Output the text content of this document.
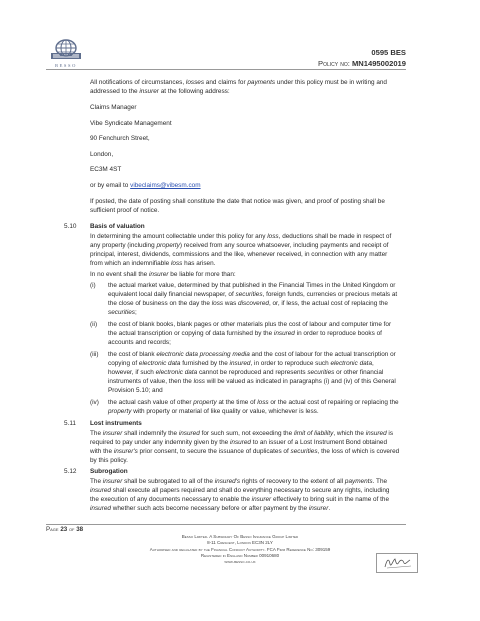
BESSO
0595 BES
Policy no: MN1495002019

All notifications of circumstances, losses and claims for payments under this policy must be in writing and addressed to the insurer at the following address:

Claims Manager

Vibe Syndicate Management

90 Fenchurch Street,

London,

EC3M 4ST

or by email to vibeclaims@vibesm.com

If posted, the date of posting shall constitute the date that notice was given, and proof of posting shall be sufficient proof of notice.

5.10	Basis of valuation

In determining the amount collectable under this policy for any loss, deductions shall be made in respect of any property (including property) received from any source whatsoever, including payments and receipt of principal, interest, dividends, commissions and the like, whenever received, in connection with any matter from which an indemnifiable loss has arisen.

In no event shall the insurer be liable for more than:

(i)	the actual market value, determined by that published in the Financial Times in the United Kingdom or equivalent local daily financial newspaper, of securities, foreign funds, currencies or precious metals at the close of business on the day the loss was discovered, or, if less, the actual cost of replacing the securities;
(ii)	the cost of blank books, blank pages or other materials plus the cost of labour and computer time for the actual transcription or copying of data furnished by the insured in order to reproduce books of accounts and records;
(iii)	the cost of blank electronic data processing media and the cost of labour for the actual transcription or copying of electronic data furnished by the insured, in order to reproduce such electronic data, however, if such electronic data cannot be reproduced and represents securities or other financial instruments of value, then the loss will be valued as indicated in paragraphs (i) and (iv) of this General Provision 5.10; and
(iv)	the actual cash value of other property at the time of loss or the actual cost of repairing or replacing the property with property or material of like quality or value, whichever is less.
5.11	Lost instruments

The insurer shall indemnify the insured for such sum, not exceeding the limit of liability, which the insured is required to pay under any indemnity given by the insured to an issuer of a Lost Instrument Bond obtained with the insurer's prior consent, to secure the issuance of duplicates of securities, the loss of which is covered by this policy.

5.12	Subrogation

The insurer shall be subrogated to all of the insured's rights of recovery to the extent of all payments. The insured shall execute all papers required and shall do everything necessary to secure any rights, including the execution of any documents necessary to enable the insurer effectively to bring suit in the name of the insured whether such acts become necessary before or after payment by the insurer.

Page 23 of 38
Besso Limited. A Subsidiary Of Besso Insurance Group Limited
8-11 Crescent, London EC3N 2LY
Authorised and regulated by the Financial Conduct Authority. FCA Firm Reference No: 309159
Registered in England Number 00910680
www.besso.co.uk
